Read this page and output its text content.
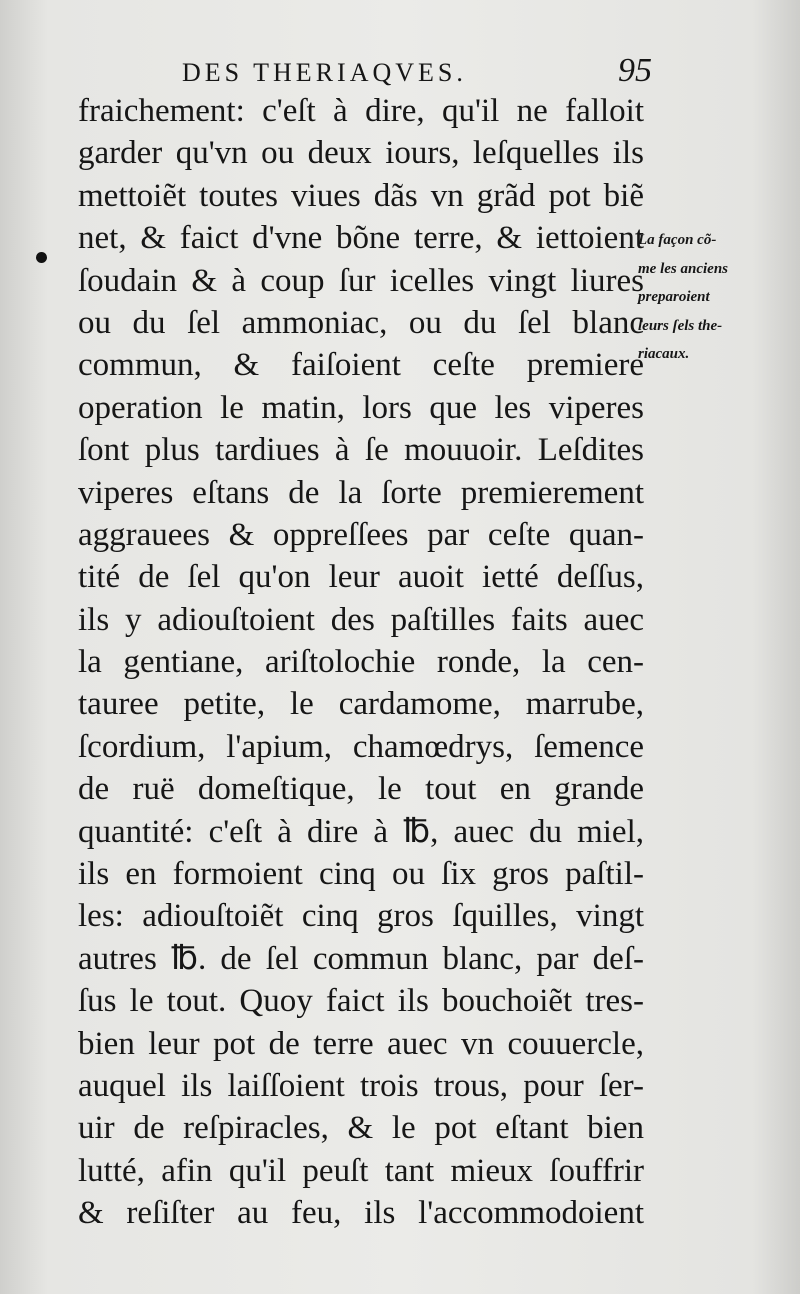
DES THERIAQVES.	95
fraichement: c'eſt à dire, qu'il ne falloit
garder qu'vn ou deux iours, leſquelles ils
mettoiẽt toutes viues dãs vn grãd pot biẽ
net, & faict d'vne bõne terre, & iettoient
ſoudain & à coup ſur icelles vingt liures
ou du ſel ammoniac, ou du ſel blanc
commun, & faiſoient ceſte premiere
operation le matin, lors que les viperes
ſont plus tardiues à ſe mouuoir. Leſdites
viperes eſtans de la ſorte premierement
aggrauees & oppreſſees par ceſte quan-
tité de ſel qu'on leur auoit ietté deſſus,
ils y adiouſtoient des paſtilles faits auec
la gentiane, ariſtolochie ronde, la cen-
tauree petite, le cardamome, marrube,
ſcordium, l'apium, chamœdrys, ſemence
de ruë domeſtique, le tout en grande
quantité: c'eſt à dire à ℔, auec du miel,
ils en formoient cinq ou ſix gros paſtil-
les: adiouſtoiẽt cinq gros ſquilles, vingt
autres ℔. de ſel commun blanc, par deſ-
ſus le tout. Quoy faict ils bouchoiẽt tres-
bien leur pot de terre auec vn couuercle,
auquel ils laiſſoient trois trous, pour ſer-
uir de reſpiracles, & le pot eſtant bien
lutté, afin qu'il peuſt tant mieux ſouffrir
& reſiſter au feu, ils l'accommodoient
La façon cõ-
me les anciens
preparoient
leurs ſels the-
riacaux.
